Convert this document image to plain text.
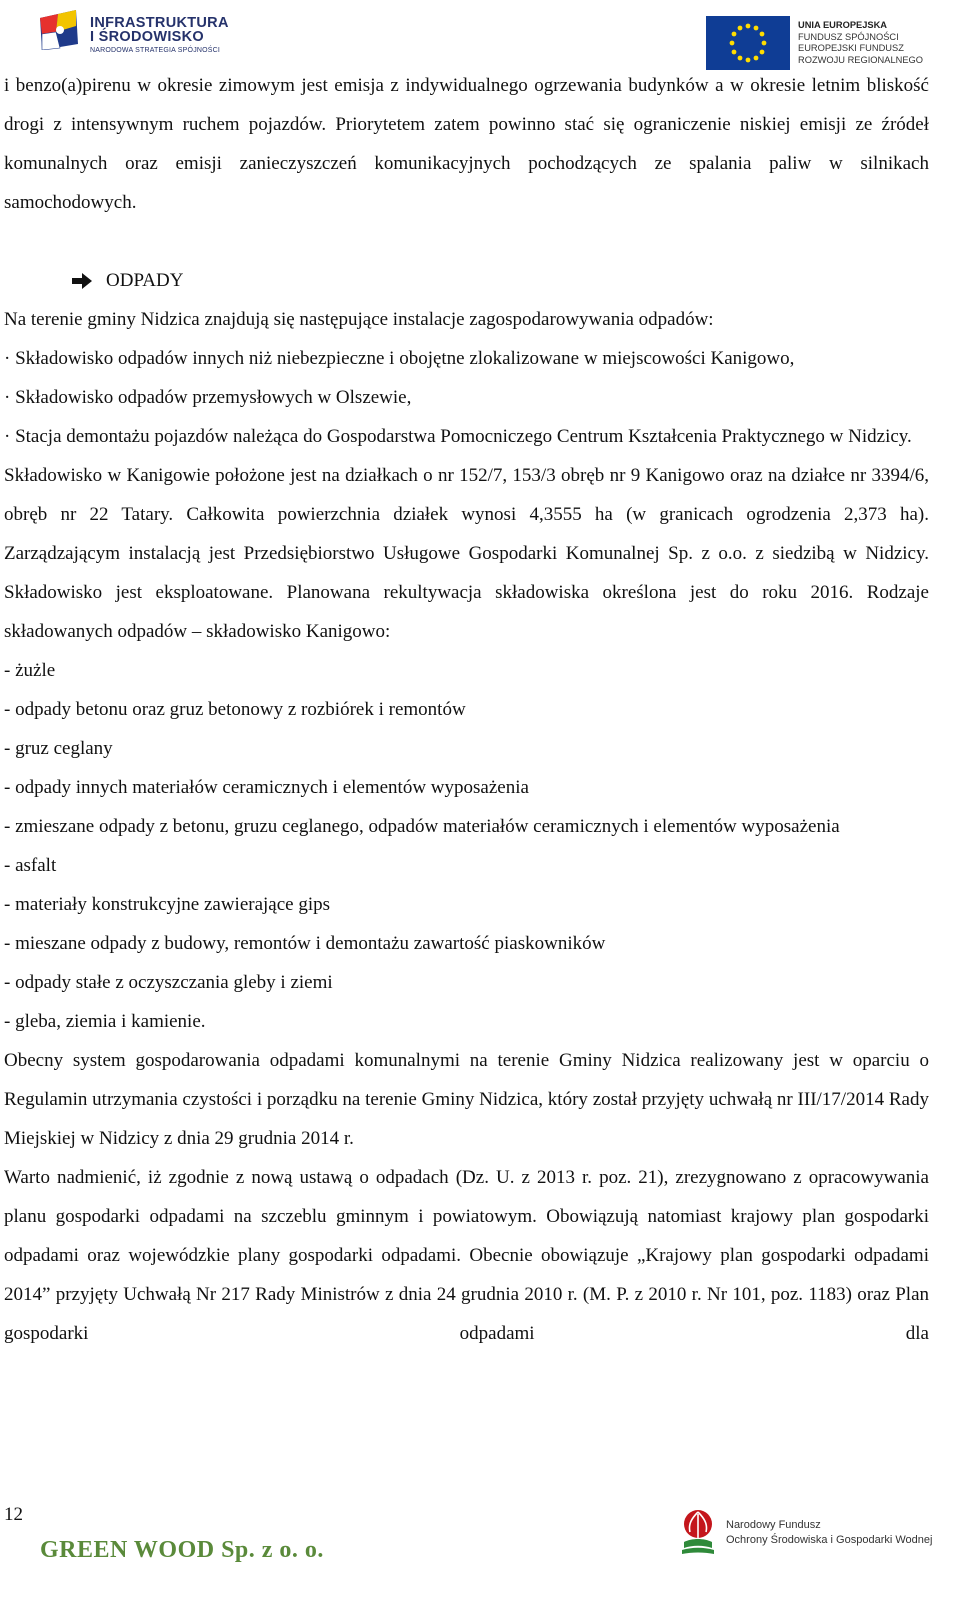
INFRASTRUKTURA
I ŚRODOWISKO
NARODOWA STRATEGIA SPÓJNOŚCI
UNIA EUROPEJSKA
FUNDUSZ SPÓJNOŚCI
EUROPEJSKI FUNDUSZ
ROZWOJU REGIONALNEGO

i benzo(a)pirenu w okresie zimowym jest emisja z indywidualnego ogrzewania budynków a w okresie letnim bliskość drogi z intensywnym ruchem pojazdów. Priorytetem zatem powinno stać się ograniczenie niskiej emisji ze źródeł komunalnych oraz emisji zanieczyszczeń komunikacyjnych pochodzących ze spalania paliw w silnikach samochodowych.

ODPADY

Na terenie gminy Nidzica znajdują się następujące instalacje zagospodarowywania odpadów:

· Składowisko odpadów innych niż niebezpieczne i obojętne zlokalizowane w miejscowości Kanigowo,

· Składowisko odpadów przemysłowych w Olszewie,

· Stacja demontażu pojazdów należąca do Gospodarstwa Pomocniczego Centrum Kształcenia Praktycznego w Nidzicy.

Składowisko w Kanigowie położone jest na działkach o nr 152/7, 153/3 obręb nr 9 Kanigowo oraz na działce nr 3394/6, obręb nr 22 Tatary. Całkowita powierzchnia działek wynosi 4,3555 ha (w granicach ogrodzenia 2,373 ha). Zarządzającym instalacją jest Przedsiębiorstwo Usługowe Gospodarki Komunalnej Sp. z o.o. z siedzibą w Nidzicy. Składowisko jest eksploatowane. Planowana rekultywacja składowiska określona jest do roku 2016. Rodzaje składowanych odpadów – składowisko Kanigowo:

- żużle

- odpady betonu oraz gruz betonowy z rozbiórek i remontów

- gruz ceglany

- odpady innych materiałów ceramicznych i elementów wyposażenia

- zmieszane odpady z betonu, gruzu ceglanego, odpadów materiałów ceramicznych i elementów wyposażenia

- asfalt

- materiały konstrukcyjne zawierające gips

- mieszane odpady z budowy, remontów i demontażu zawartość piaskowników

- odpady stałe z oczyszczania gleby i ziemi

- gleba, ziemia i kamienie.

Obecny system gospodarowania odpadami komunalnymi na terenie Gminy Nidzica realizowany jest w oparciu o Regulamin utrzymania czystości i porządku na terenie Gminy Nidzica, który został przyjęty uchwałą nr III/17/2014 Rady Miejskiej w Nidzicy z dnia 29 grudnia 2014 r.

Warto nadmienić, iż zgodnie z nową ustawą o odpadach (Dz. U. z 2013 r. poz. 21), zrezygnowano z opracowywania planu gospodarki odpadami na szczeblu gminnym i powiatowym. Obowiązują natomiast krajowy plan gospodarki odpadami oraz wojewódzkie plany gospodarki odpadami. Obecnie obowiązuje „Krajowy plan gospodarki odpadami 2014” przyjęty Uchwałą Nr 217 Rady Ministrów z dnia 24 grudnia 2010 r. (M. P. z 2010 r. Nr 101, poz. 1183) oraz Plan gospodarki odpadami dla

12
GREEN WOOD Sp. z o. o.
Narodowy Fundusz
Ochrony Środowiska i Gospodarki Wodnej
